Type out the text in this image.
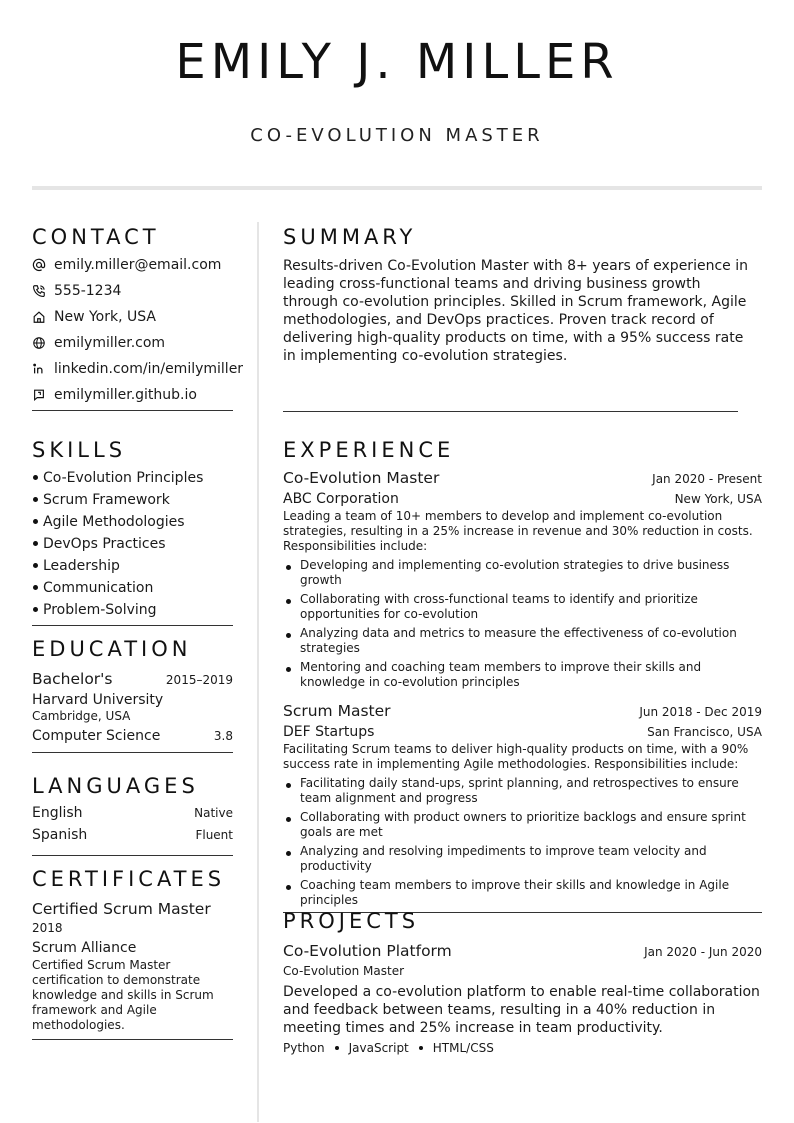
EMILY J. MILLER
CO-EVOLUTION MASTER
CONTACT
emily.miller@email.com
555-1234
New York, USA
emilymiller.com
linkedin.com/in/emilymiller
emilymiller.github.io
SKILLS
Co-Evolution Principles
Scrum Framework
Agile Methodologies
DevOps Practices
Leadership
Communication
Problem-Solving
EDUCATION
Bachelor's	2015–2019
Harvard University
Cambridge, USA
Computer Science	3.8
LANGUAGES
English	Native
Spanish	Fluent
CERTIFICATES
Certified Scrum Master
2018
Scrum Alliance
Certified Scrum Master certification to demonstrate knowledge and skills in Scrum framework and Agile methodologies.
SUMMARY
Results-driven Co-Evolution Master with 8+ years of experience in leading cross-functional teams and driving business growth through co-evolution principles. Skilled in Scrum framework, Agile methodologies, and DevOps practices. Proven track record of delivering high-quality products on time, with a 95% success rate in implementing co-evolution strategies.
EXPERIENCE
Co-Evolution Master	Jan 2020 - Present
ABC Corporation	New York, USA
Leading a team of 10+ members to develop and implement co-evolution strategies, resulting in a 25% increase in revenue and 30% reduction in costs. Responsibilities include:
Developing and implementing co-evolution strategies to drive business growth
Collaborating with cross-functional teams to identify and prioritize opportunities for co-evolution
Analyzing data and metrics to measure the effectiveness of co-evolution strategies
Mentoring and coaching team members to improve their skills and knowledge in co-evolution principles
Scrum Master	Jun 2018 - Dec 2019
DEF Startups	San Francisco, USA
Facilitating Scrum teams to deliver high-quality products on time, with a 90% success rate in implementing Agile methodologies. Responsibilities include:
Facilitating daily stand-ups, sprint planning, and retrospectives to ensure team alignment and progress
Collaborating with product owners to prioritize backlogs and ensure sprint goals are met
Analyzing and resolving impediments to improve team velocity and productivity
Coaching team members to improve their skills and knowledge in Agile principles
PROJECTS
Co-Evolution Platform	Jan 2020 - Jun 2020
Co-Evolution Master
Developed a co-evolution platform to enable real-time collaboration and feedback between teams, resulting in a 40% reduction in meeting times and 25% increase in team productivity.
Python JavaScript HTML/CSS
